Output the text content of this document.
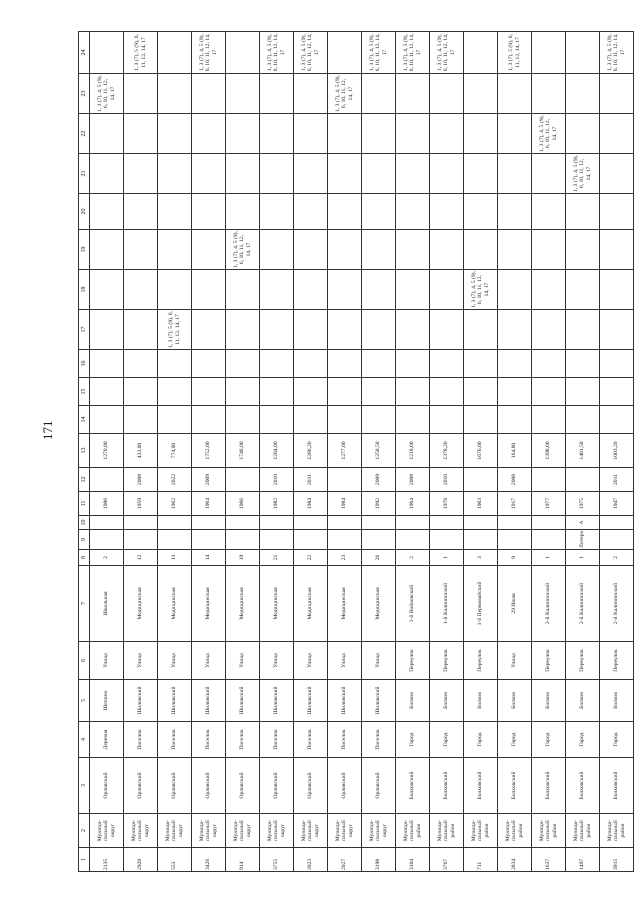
171
1	2	3	4	5	6	7	8	9	10	11	12	13	14	15	16	17	18	19	20	21	22	23	24
2135	Муници-пальный округ	Орловский	Деревня	Шепино	Улица	Школьная	2			1986		1270,80										1, 3 (7), 4, 5 (9), 6, 10, 11, 12, 14, 17	
2920	Муници-пальный округ	Орловский	Поселок	Шиловский	Улица	Медицинская	12			1959	2008	433,00											1, 3 (7), 5 (9), 6, 11, 12, 14, 17
553	Муници-пальный округ	Орловский	Поселок	Шиловский	Улица	Медицинская	13			1962	2022	774,00				1, 3 (7), 5 (9), 6, 11, 12, 14, 17							
3426	Муници-пальный округ	Орловский	Поселок	Шиловский	Улица	Медицинская	14			1964	2009	1752,00											1, 3 (7), 4, 5 (9), 6, 10, 11, 12, 14, 17
914	Муници-пальный округ	Орловский	Поселок	Шиловский	Улица	Медицинская	19			1966		1746,00						1, 3 (7), 4, 5 (9), 6, 10, 11, 12, 14, 17					
3755	Муници-пальный округ	Орловский	Поселок	Шиловский	Улица	Медицинская	21			1982	2010	1284,00											1, 3 (7), 4, 5 (9), 6, 10, 11, 12, 14, 17
3923	Муници-пальный округ	Орловский	Поселок	Шиловский	Улица	Медицинская	22			1984	2011	1286,20											1, 3 (7), 4, 5 (9), 6, 10, 11, 12, 14, 17
2027	Муници-пальный округ	Орловский	Поселок	Шиловский	Улица	Медицинская	23			1984		1277,00										1, 3 (7), 4, 5 (9), 6, 10, 11, 12, 14, 17	
3198	Муници-пальный округ	Орловский	Поселок	Шиловский	Улица	Медицинская	26			1992	2009	1258,50											1, 3 (7), 4, 5 (9), 6, 10, 11, 12, 14, 17
3104	Муници-пальный район	Болховский	Город	Болхов	Переулок	1-й Войковский	2			1964	2008	1218,60											1, 3 (7), 4, 5 (9), 6, 10, 11, 12, 14, 17
3767	Муници-пальный район	Болховский	Город	Болхов	Переулок	1-й Калининский	1			1978	2010	1378,20											1, 3 (7), 4, 5 (9), 6, 10, 11, 12, 14, 17
711	Муници-пальный район	Болховский	Город	Болхов	Переулок	1-й Первомайский	3			1963		1676,00					1, 3 (7), 4, 5 (9), 6, 10, 11, 12, 14, 17						
2834	Муници-пальный район	Болховский	Город	Болхов	Улица	29 Июля	9			1917	2008	164,80											1, 3 (7), 5 (9), 6, 11, 12, 14, 17
1637	Муници-пальный район	Болховский	Город	Болхов	Переулок	2-й Калининский	1			1977		1398,60									1, 3 (7), 4, 5 (9), 6, 10, 11, 12, 14, 17		
1497	Муници-пальный район	Болховский	Город	Болхов	Переулок	2-й Калининский	1	Литера	А	1975		1401,50								1, 3 (7), 4, 5 (9), 6, 10, 11, 12, 14, 17			
3915	Муници-пальный район	Болховский	Город	Болхов	Переулок	2-й Калининский	2			1947	2011	1003,20											1, 3 (7), 4, 5 (9), 6, 10, 11, 12, 14, 17
